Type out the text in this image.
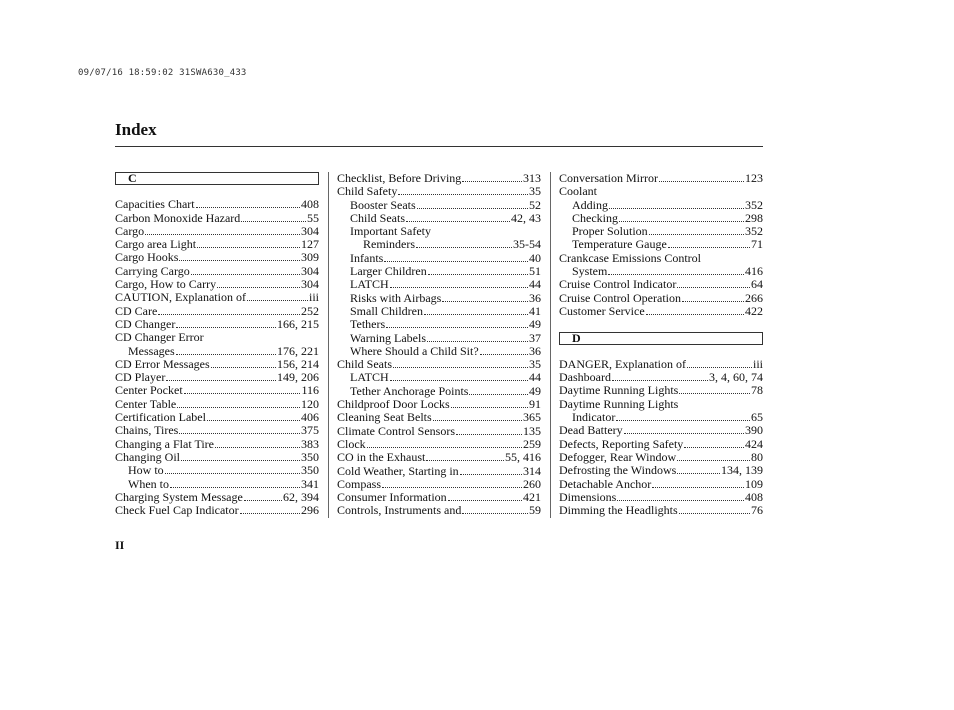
09/07/16 18:59:02 31SWA630_433
Index
C
Capacities Chart	408
Carbon Monoxide Hazard	55
Cargo	304
Cargo area Light	127
Cargo Hooks	309
Carrying Cargo	304
Cargo, How to Carry	304
CAUTION, Explanation of	iii
CD Care	252
CD Changer	166, 215
CD Changer Error
Messages	176, 221
CD Error Messages	156, 214
CD Player	149, 206
Center Pocket	116
Center Table	120
Certification Label	406
Chains, Tires	375
Changing a Flat Tire	383
Changing Oil	350
How to	350
When to	341
Charging System Message	62, 394
Check Fuel Cap Indicator	296
Checklist, Before Driving	313
Child Safety	35
Booster Seats	52
Child Seats	42, 43
Important Safety
Reminders	35-54
Infants	40
Larger Children	51
LATCH	44
Risks with Airbags	36
Small Children	41
Tethers	49
Warning Labels	37
Where Should a Child Sit?	36
Child Seats	35
LATCH	44
Tether Anchorage Points	49
Childproof Door Locks	91
Cleaning Seat Belts	365
Climate Control Sensors	135
Clock	259
CO in the Exhaust	55, 416
Cold Weather, Starting in	314
Compass	260
Consumer Information	421
Controls, Instruments and	59
Conversation Mirror	123
Coolant
Adding	352
Checking	298
Proper Solution	352
Temperature Gauge	71
Crankcase Emissions Control
System	416
Cruise Control Indicator	64
Cruise Control Operation	266
Customer Service	422
D
DANGER, Explanation of	iii
Dashboard	3, 4, 60, 74
Daytime Running Lights	78
Daytime Running Lights
Indicator	65
Dead Battery	390
Defects, Reporting Safety	424
Defogger, Rear Window	80
Defrosting the Windows	134, 139
Detachable Anchor	109
Dimensions	408
Dimming the Headlights	76
II
